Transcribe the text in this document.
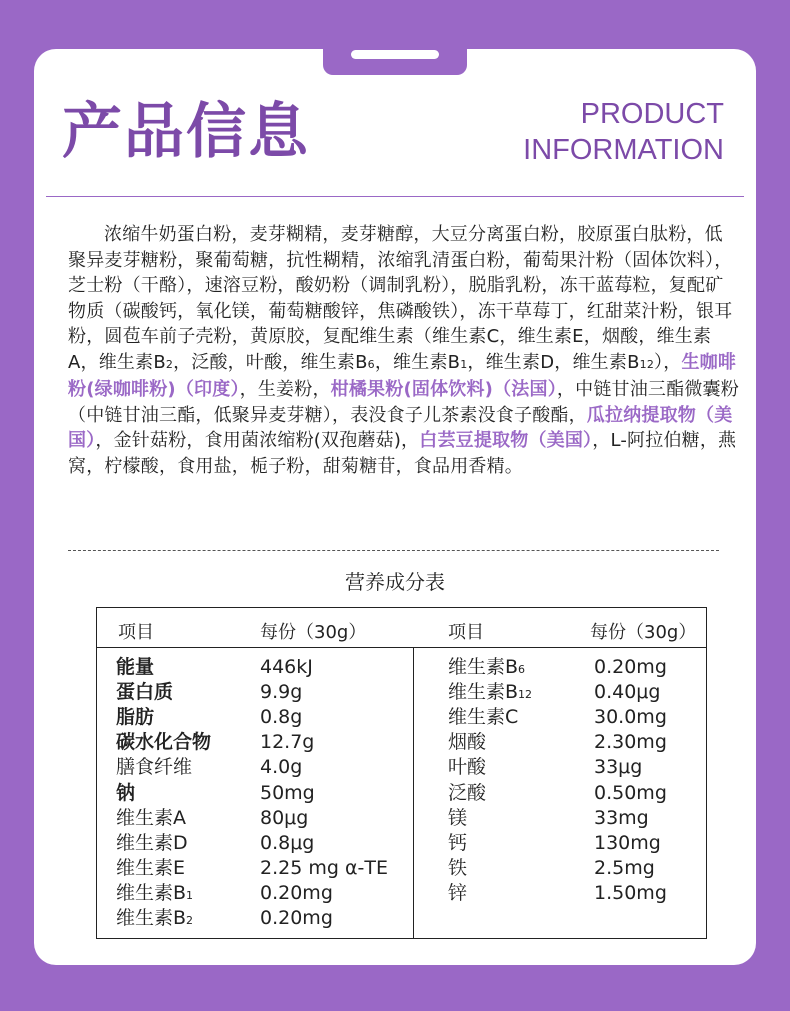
产品信息	PRODUCT
INFORMATION
浓缩牛奶蛋白粉，麦芽糊精，麦芽糖醇，大豆分离蛋白粉，胶原蛋白肽粉，低聚异麦芽糖粉，聚葡萄糖，抗性糊精，浓缩乳清蛋白粉，葡萄果汁粉（固体饮料），芝士粉（干酪），速溶豆粉，酸奶粉（调制乳粉），脱脂乳粉，冻干蓝莓粒，复配矿物质（碳酸钙，氧化镁，葡萄糖酸锌，焦磷酸铁），冻干草莓丁，红甜菜汁粉，银耳粉，圆苞车前子壳粉，黄原胶，复配维生素（维生素C，维生素E，烟酸，维生素A，维生素B2，泛酸，叶酸，维生素B6，维生素B1，维生素D，维生素B12），生咖啡粉(绿咖啡粉)（印度），生姜粉，柑橘果粉(固体饮料)（法国），中链甘油三酯微囊粉（中链甘油三酯，低聚异麦芽糖），表没食子儿茶素没食子酸酯，瓜拉纳提取物（美国），金针菇粉，食用菌浓缩粉(双孢蘑菇)，白芸豆提取物（美国），L-阿拉伯糖，燕窝，柠檬酸，食用盐，栀子粉，甜菊糖苷，食品用香精。
营养成分表
项目	每份（30g）	项目	每份（30g）
能量	446kJ
蛋白质	9.9g
脂肪	0.8g
碳水化合物	12.7g
膳食纤维	4.0g
钠	50mg
维生素A	80μg
维生素D	0.8μg
维生素E	2.25 mg α-TE
维生素B1	0.20mg
维生素B2	0.20mg
维生素B6	0.20mg
维生素B12	0.40μg
维生素C	30.0mg
烟酸	2.30mg
叶酸	33μg
泛酸	0.50mg
镁	33mg
钙	130mg
铁	2.5mg
锌	1.50mg
